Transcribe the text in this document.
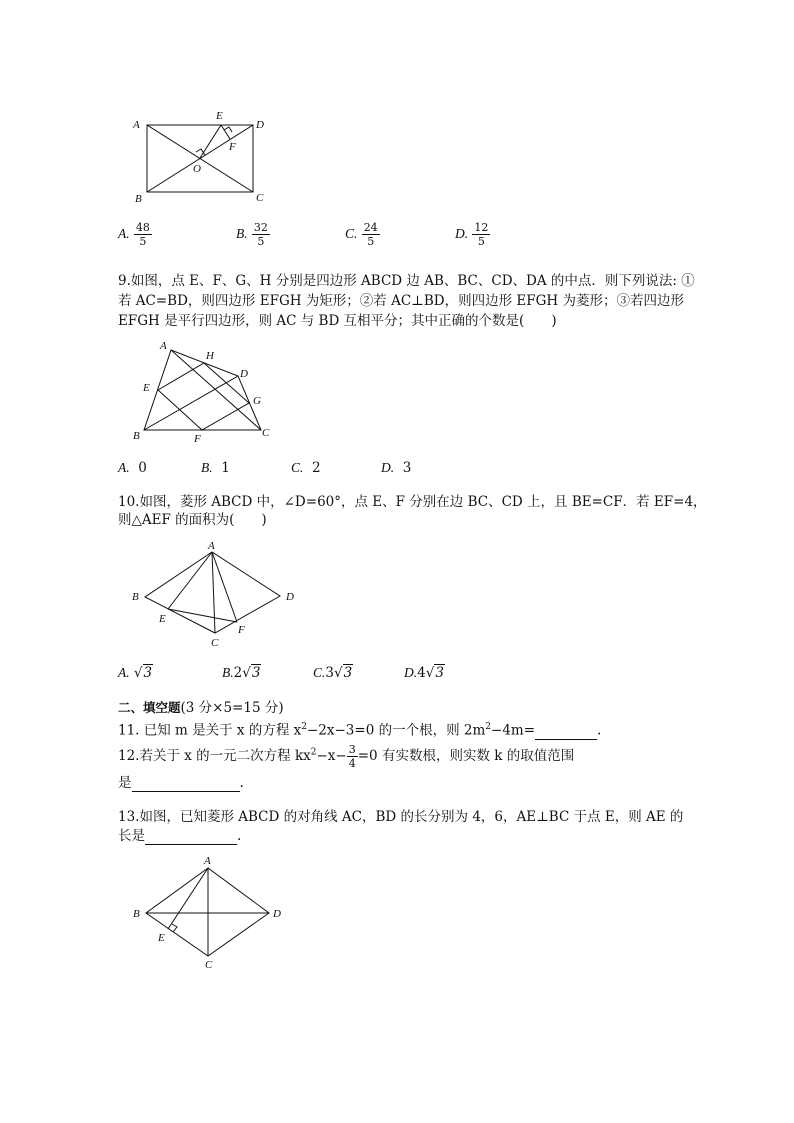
A
B	C
D
E
F
O
A. $\frac{48}{5}$	B. $\frac{32}{5}$	C. $\frac{24}{5}$	D. $\frac{12}{5}$
9.如图，点 E、F、G、H 分别是四边形 ABCD 边 AB、BC、CD、DA 的中点．则下列说法: ①
若 AC=BD，则四边形 EFGH 为矩形；②若 AC⊥BD，则四边形 EFGH 为菱形；③若四边形
EFGH 是平行四边形，则 AC 与 BD 互相平分；其中正确的个数是(　　)
A
B	C
D
E
F
G
H
A. 0	B. 1	C. 2	D. 3
10.如图，菱形 ABCD 中，∠D=60°，点 E、F 分别在边 BC、CD 上，且 BE=CF．若 EF=4，
则△AEF 的面积为(　　)
A
B
C
D
E
F
A. √3	B.2√3	C.3√3	D.4√3
二、填空题(3 分×5=15 分)
11. 已知 m 是关于 x 的方程 $x^2-2x-3=0$ 的一个根，则 $2m^2-4m=$	.
12.若关于 x 的一元二次方程 $kx^2-x- \frac{3}{4} =0$ 有实数根，则实数 k 的取值范围
是	.
13.如图，已知菱形 ABCD 的对角线 AC，BD 的长分别为 4，6，AE⊥BC 于点 E，则 AE 的
长是	.
A
B
C
D
E
